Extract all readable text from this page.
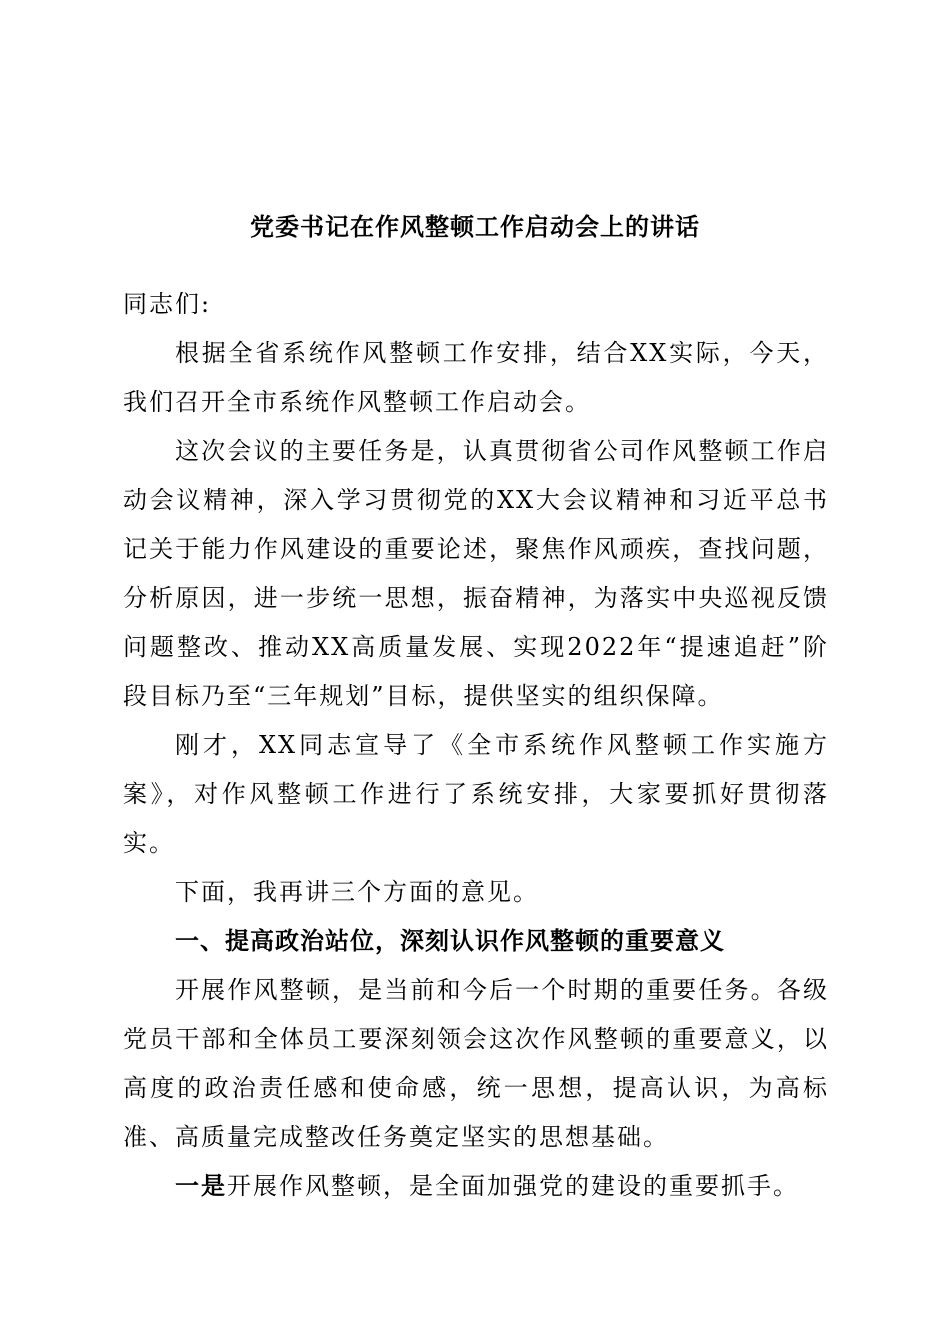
党委书记在作风整顿工作启动会上的讲话

同志们:

根据全省系统作风整顿工作安排，结合XX实际，今天，我们召开全市系统作风整顿工作启动会。

这次会议的主要任务是，认真贯彻省公司作风整顿工作启动会议精神，深入学习贯彻党的XX大会议精神和习近平总书记关于能力作风建设的重要论述，聚焦作风顽疾，查找问题，分析原因，进一步统一思想，振奋精神，为落实中央巡视反馈问题整改、推动XX高质量发展、实现2022年“提速追赶”阶段目标乃至“三年规划”目标，提供坚实的组织保障。

刚才，XX同志宣导了《全市系统作风整顿工作实施方案》，对作风整顿工作进行了系统安排，大家要抓好贯彻落实。

下面，我再讲三个方面的意见。

一、提高政治站位，深刻认识作风整顿的重要意义

开展作风整顿，是当前和今后一个时期的重要任务。各级党员干部和全体员工要深刻领会这次作风整顿的重要意义，以高度的政治责任感和使命感，统一思想，提高认识，为高标准、高质量完成整改任务奠定坚实的思想基础。

一是开展作风整顿，是全面加强党的建设的重要抓手。
